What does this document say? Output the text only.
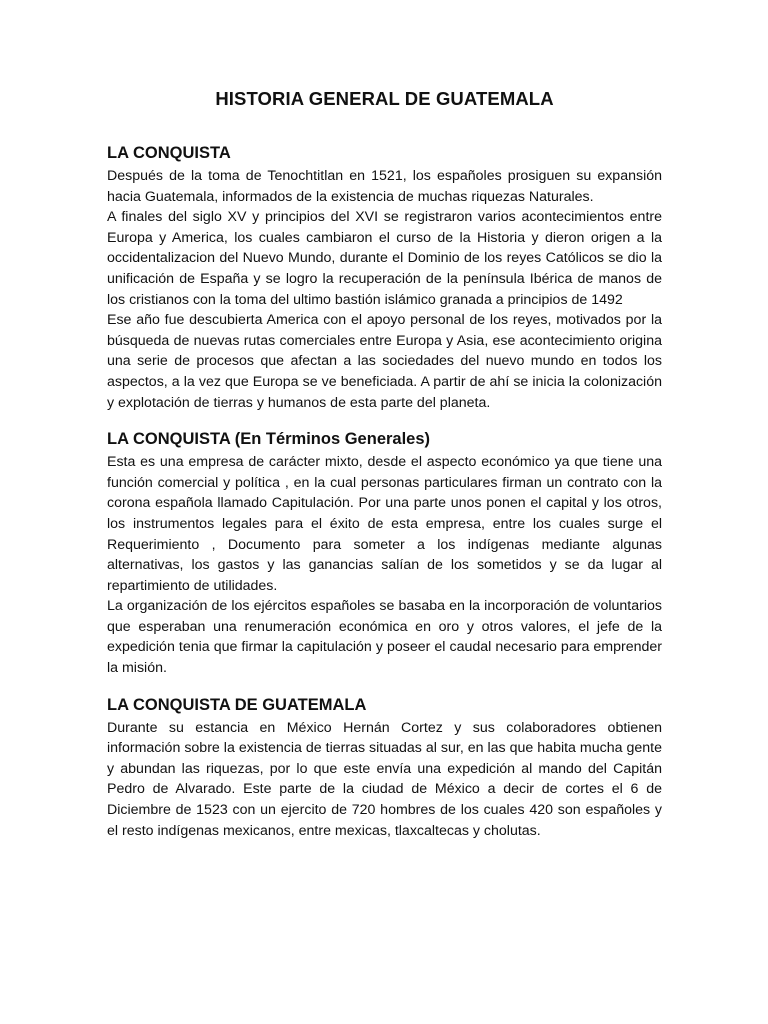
HISTORIA GENERAL DE GUATEMALA
LA CONQUISTA

Después de la toma de Tenochtitlan en 1521, los españoles prosiguen su expansión hacia Guatemala, informados de la existencia de muchas riquezas Naturales.

A finales del siglo XV y principios del XVI se registraron varios acontecimientos entre Europa y America, los cuales cambiaron el curso de la Historia y dieron origen a la occidentalizacion del Nuevo Mundo, durante el Dominio de los reyes Católicos se dio la unificación de España y se logro la recuperación de la península Ibérica de manos de los cristianos con la toma del ultimo bastión islámico granada a principios de 1492

Ese año fue descubierta America con el apoyo personal de los reyes, motivados por la búsqueda de nuevas rutas comerciales entre Europa y Asia, ese acontecimiento origina una serie de procesos que afectan a las sociedades del nuevo mundo en todos los aspectos, a la vez que Europa se ve beneficiada. A partir de ahí se inicia la colonización y explotación de tierras y humanos de esta parte del planeta.

LA CONQUISTA (En Términos Generales)

Esta es una empresa de carácter mixto, desde el aspecto económico ya que tiene una función comercial y política , en la cual personas particulares firman un contrato con la corona española llamado Capitulación. Por una parte unos ponen el capital y los otros, los instrumentos legales para el éxito de esta empresa, entre los cuales surge el Requerimiento , Documento para someter a los indígenas mediante algunas alternativas, los gastos y las ganancias salían de los sometidos y se da lugar al repartimiento de utilidades.

La organización de los ejércitos españoles se basaba en la incorporación de voluntarios que esperaban una renumeración económica en oro y otros valores, el jefe de la expedición tenia que firmar la capitulación y poseer el caudal necesario para emprender la misión.

LA CONQUISTA DE GUATEMALA

Durante su estancia en México Hernán Cortez y sus colaboradores obtienen información sobre la existencia de tierras situadas al sur, en las que habita mucha gente y abundan las riquezas, por lo que este envía una expedición al mando del Capitán Pedro de Alvarado. Este parte de la ciudad de México a decir de cortes el 6 de Diciembre de 1523 con un ejercito de 720 hombres de los cuales 420 son españoles y el resto indígenas mexicanos, entre mexicas, tlaxcaltecas y cholutas.
